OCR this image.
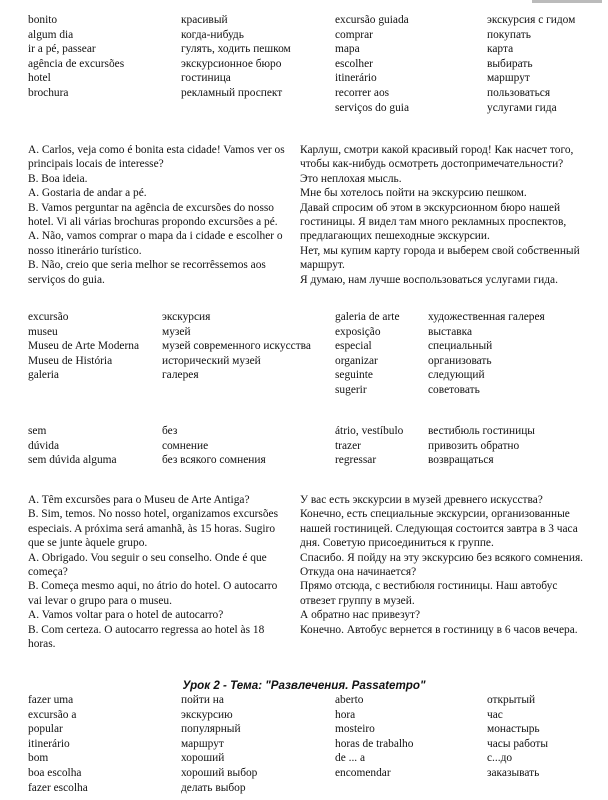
bonito
algum dia
ir a pé, passear
agência de excursões
hotel
brochura
красивый
когда-нибудь
гулять, ходить пешком
экскурсионное бюро
гостиница
рекламный проспект
excursão guiada
comprar
mapa
escolher
itinerário
recorrer aos
serviços do guia
экскурсия с гидом
покупать
карта
выбирать
маршрут
пользоваться
услугами гида

A. Carlos, veja como é bonita esta cidade! Vamos ver os principais locais de interesse?

B. Boa ideia.

A. Gostaria de andar a pé.

B. Vamos perguntar na agência de excursões do nosso hotel. Vi ali várias brochuras propondo excursões a pé.

A. Não, vamos comprar o mapa da i cidade e escolher o nosso itinerário turístico.

B. Não, creio que seria melhor se recorrêssemos aos serviços do guia.

Карлуш, смотри какой красивый город! Как насчет того, чтобы как-нибудь осмотреть достопримечательности?

Это неплохая мысль.

Мне бы хотелось пойти на экскурсию пешком.

Давай спросим об этом в экскурсионном бюро нашей гостиницы. Я видел там много рекламных проспектов, предлагающих пешеходные экскурсии.

Нет, мы купим карту города и выберем свой собственный маршрут.

Я думаю, нам лучше воспользоваться услугами гида.

excursão
museu
Museu de Arte Moderna
Museu de História
galeria
экскурсия
музей
музей современного искусства
исторический музей
галерея
galeria de arte
exposição
especial
organizar
seguinte
sugerir
художественная галерея
выставка
специальный
организовать
следующий
советовать
sem
dúvida
sem dúvida alguma
без
сомнение
без всякого сомнения
átrio, vestíbulo
trazer
regressar
вестибюль гостиницы
привозить обратно
возвращаться

A. Têm excursões para o Museu de Arte Antiga?

B. Sim, temos. No nosso hotel, organizamos excursões especiais. A próxima será amanhã, às 15 horas. Sugiro que se junte àquele grupo.

A. Obrigado. Vou seguir o seu conselho. Onde é que começa?

B. Começa mesmo aqui, no átrio do hotel. O autocarro vai levar o grupo para o museu.

A. Vamos voltar para o hotel de autocarro?

B. Com certeza. O autocarro regressa ao hotel às 18 horas.

У вас есть экскурсии в музей древнего искусства?

Конечно, есть специальные экскурсии, организованные нашей гостиницей. Следующая состоится завтра в 3 часа дня. Советую присоединиться к группе.

Спасибо. Я пойду на эту экскурсию без всякого сомнения. Откуда она начинается?

Прямо отсюда, с вестибюля гостиницы. Наш автобус отвезет группу в музей.

А обратно нас привезут?

Конечно. Автобус вернется в гостиницу в 6 часов вечера.

Урок 2 - Тема: "Развлечения. Passatempo"
fazer uma
excursão a
popular
itinerário
bom
boa escolha
fazer escolha
пойти на
экскурсию
популярный
маршрут
хороший
хороший выбор
делать выбор
aberto
hora
mosteiro
horas de trabalho
de ... a
encomendar
открытый
час
монастырь
часы работы
с...до
заказывать
